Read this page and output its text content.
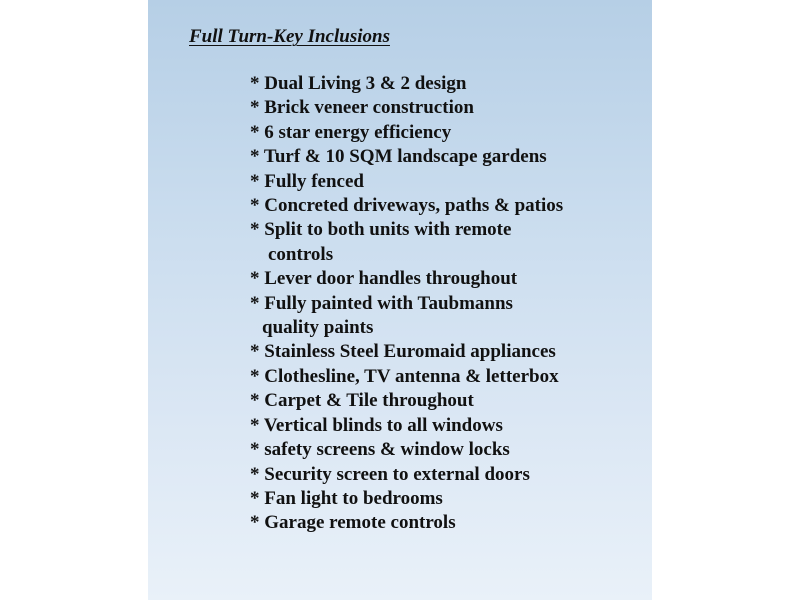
Full Turn-Key Inclusions
* Dual Living 3 & 2 design
* Brick veneer construction
* 6 star energy efficiency
* Turf & 10 SQM landscape gardens
* Fully fenced
* Concreted driveways, paths & patios
* Split to both units with remote
controls
* Lever door handles throughout
* Fully painted with Taubmanns
quality paints
* Stainless Steel Euromaid appliances
* Clothesline, TV antenna & letterbox
* Carpet & Tile throughout
* Vertical blinds to all windows
* safety screens & window locks
* Security screen to external doors
* Fan light to bedrooms
* Garage remote controls
